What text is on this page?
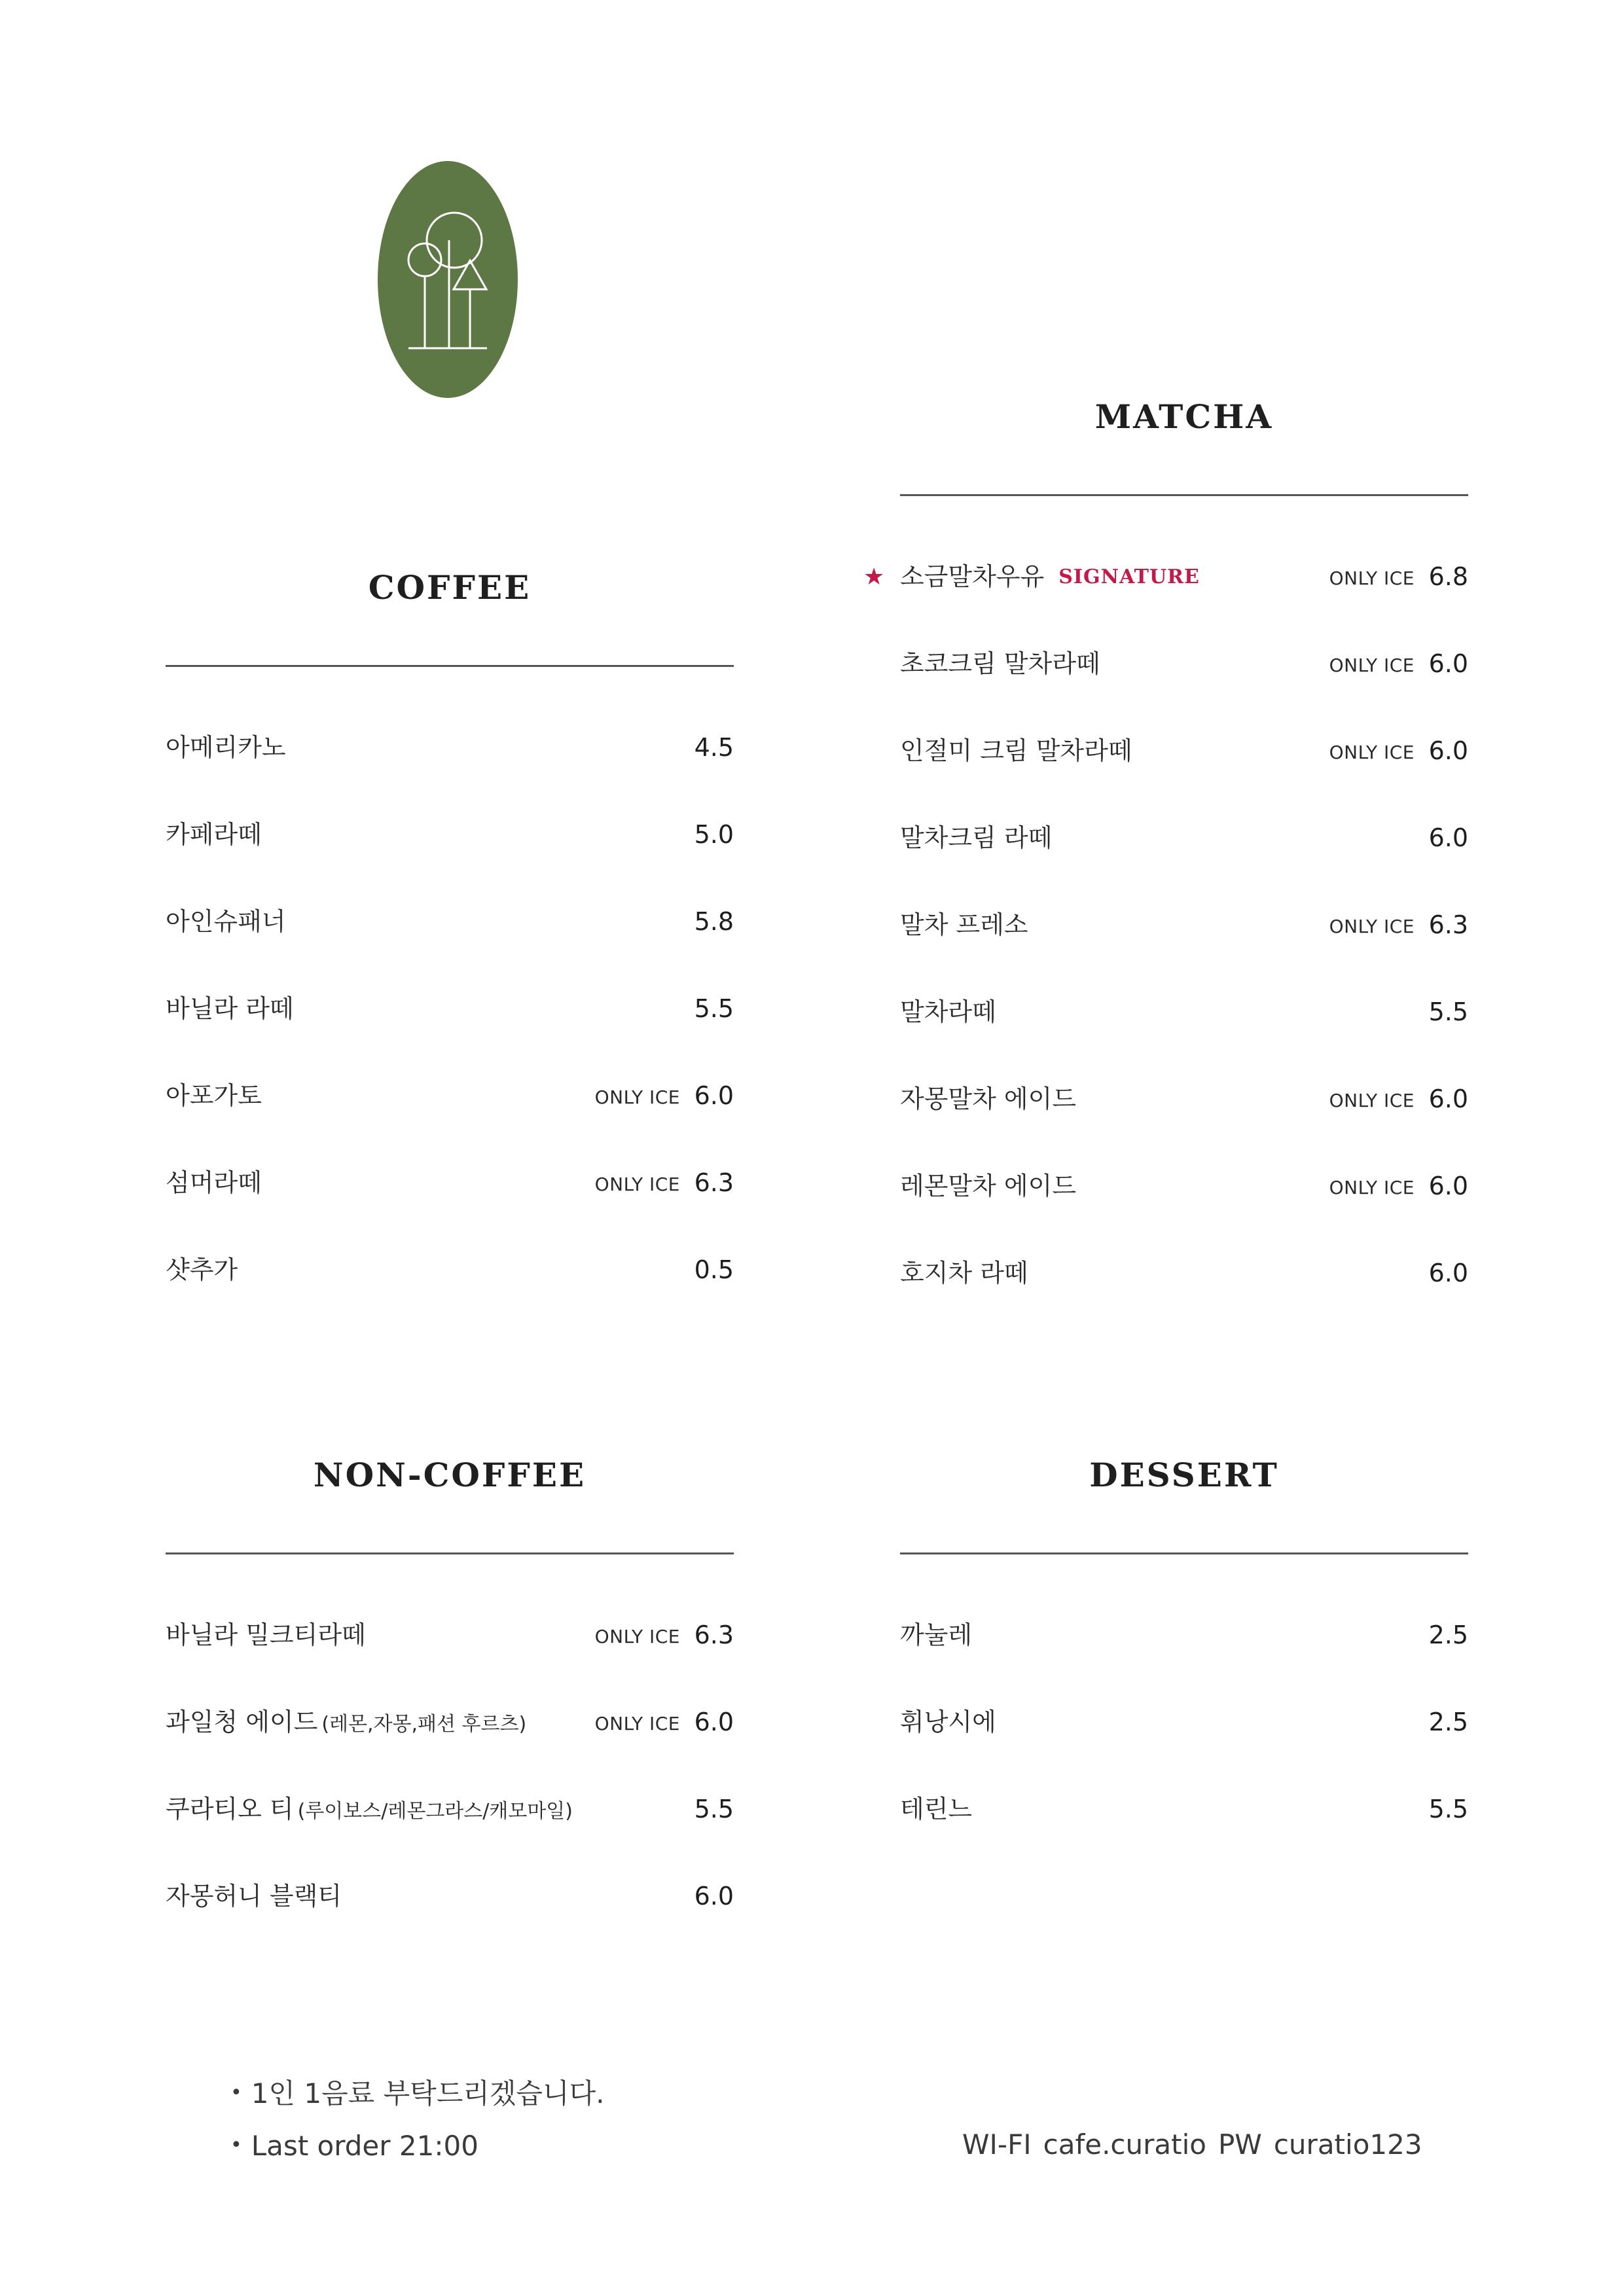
COFFEE
아메리카노	4.5
카페라떼	5.0
아인슈패너	5.8
바닐라 라떼	5.5
아포가토	ONLY ICE 6.0
섬머라떼	ONLY ICE 6.3
샷추가	0.5
MATCHA
★ 소금말차우유 SIGNATURE	ONLY ICE 6.8
초코크림 말차라떼	ONLY ICE 6.0
인절미 크림 말차라떼	ONLY ICE 6.0
말차크림 라떼	6.0
말차 프레소	ONLY ICE 6.3
말차라떼	5.5
자몽말차 에이드	ONLY ICE 6.0
레몬말차 에이드	ONLY ICE 6.0
호지차 라떼	6.0
NON-COFFEE
바닐라 밀크티라떼	ONLY ICE 6.3
과일청 에이드 (레몬,자몽,패션 후르츠)	ONLY ICE 6.0
쿠라티오 티 (루이보스/레몬그라스/캐모마일)	5.5
자몽허니 블랙티	6.0
DESSERT
까눌레	2.5
휘낭시에	2.5
테린느	5.5
• 1인 1음료 부탁드리겠습니다.
• Last order 21:00	WI-FI cafe.curatio PW curatio123
